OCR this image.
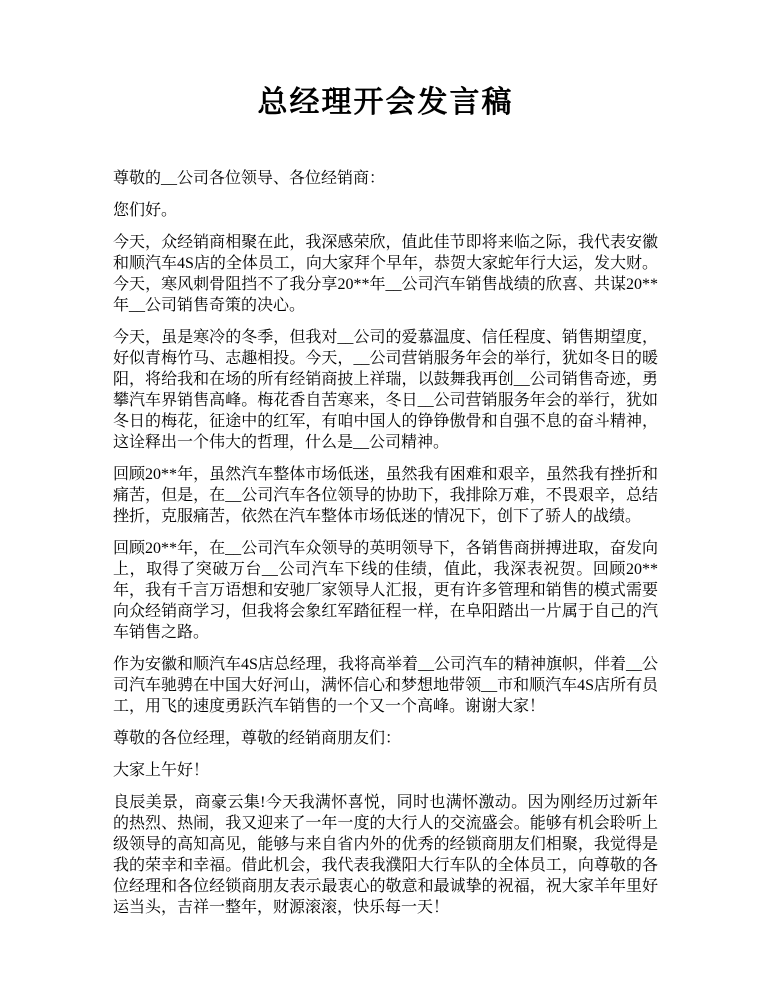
总经理开会发言稿

尊敬的__公司各位领导、各位经销商：

您们好。

今天，众经销商相聚在此，我深感荣欣，值此佳节即将来临之际，我代表安徽和顺汽车4S店的全体员工，向大家拜个早年，恭贺大家蛇年行大运，发大财。今天，寒风刺骨阻挡不了我分享20**年__公司汽车销售战绩的欣喜、共谋20**年__公司销售奇策的决心。

今天，虽是寒冷的冬季，但我对__公司的爱慕温度、信任程度、销售期望度，好似青梅竹马、志趣相投。今天，__公司营销服务年会的举行，犹如冬日的暖阳，将给我和在场的所有经销商披上祥瑞，以鼓舞我再创__公司销售奇迹，勇攀汽车界销售高峰。梅花香自苦寒来，冬日__公司营销服务年会的举行，犹如冬日的梅花，征途中的红军，有咱中国人的铮铮傲骨和自强不息的奋斗精神，这诠释出一个伟大的哲理，什么是__公司精神。

回顾20**年，虽然汽车整体市场低迷，虽然我有困难和艰辛，虽然我有挫折和痛苦，但是，在__公司汽车各位领导的协助下，我排除万难，不畏艰辛，总结挫折，克服痛苦，依然在汽车整体市场低迷的情况下，创下了骄人的战绩。

回顾20**年，在__公司汽车众领导的英明领导下，各销售商拼搏进取，奋发向上，取得了突破万台__公司汽车下线的佳绩，值此，我深表祝贺。回顾20**年，我有千言万语想和安驰厂家领导人汇报，更有许多管理和销售的模式需要向众经销商学习，但我将会象红军踏征程一样，在阜阳踏出一片属于自己的汽车销售之路。

作为安徽和顺汽车4S店总经理，我将高举着__公司汽车的精神旗帜，伴着__公司汽车驰骋在中国大好河山，满怀信心和梦想地带领__市和顺汽车4S店所有员工，用飞的速度勇跃汽车销售的一个又一个高峰。谢谢大家！

尊敬的各位经理，尊敬的经销商朋友们：

大家上午好！

良辰美景，商豪云集!今天我满怀喜悦，同时也满怀激动。因为刚经历过新年的热烈、热闹，我又迎来了一年一度的大行人的交流盛会。能够有机会聆听上级领导的高知高见，能够与来自省内外的优秀的经锁商朋友们相聚，我觉得是我的荣幸和幸福。借此机会，我代表我濮阳大行车队的全体员工，向尊敬的各位经理和各位经锁商朋友表示最衷心的敬意和最诚挚的祝福，祝大家羊年里好运当头，吉祥一整年，财源滚滚，快乐每一天！
